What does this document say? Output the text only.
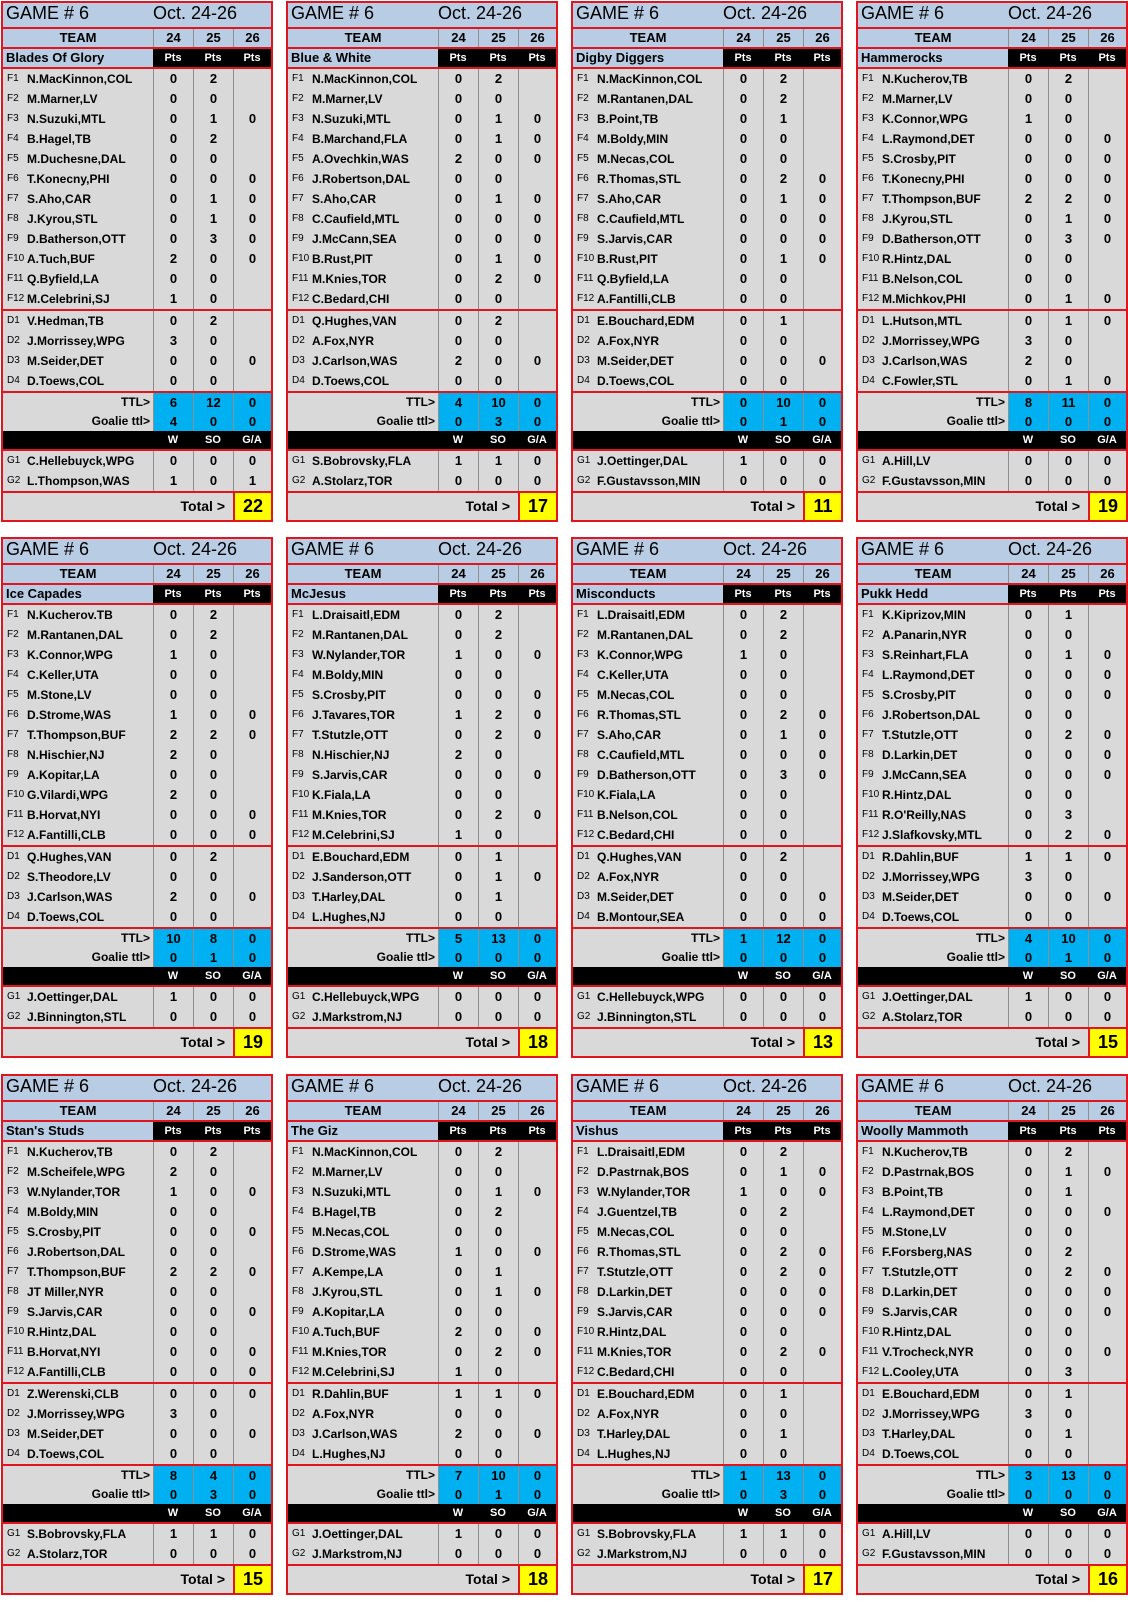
GAME # 6	Oct. 24-26
TEAM	24	25	26
Blades Of Glory	Pts	Pts	Pts
F1 N.MacKinnon,COL	0	2
F2 M.Marner,LV	0	0
F3 N.Suzuki,MTL	0	1	0
F4 B.Hagel,TB	0	2
F5 M.Duchesne,DAL	0	0
F6 T.Konecny,PHI	0	0	0
F7 S.Aho,CAR	0	1	0
F8 J.Kyrou,STL	0	1	0
F9 D.Batherson,OTT	0	3	0
F10 A.Tuch,BUF	2	0	0
F11 Q.Byfield,LA	0	0
F12 M.Celebrini,SJ	1	0
D1 V.Hedman,TB	0	2
D2 J.Morrissey,WPG	3	0
D3 M.Seider,DET	0	0	0
D4 D.Toews,COL	0	0
TTL>	6	12	0
Goalie ttl>	4	0	0
W	SO	G/A
G1 C.Hellebuyck,WPG	0	0	0
G2 L.Thompson,WAS	1	0	1
Total > 22
GAME # 6	Oct. 24-26
TEAM	24	25	26
Blue & White	Pts	Pts	Pts
F1 N.MacKinnon,COL	0	2
F2 M.Marner,LV	0	0
F3 N.Suzuki,MTL	0	1	0
F4 B.Marchand,FLA	0	1	0
F5 A.Ovechkin,WAS	2	0	0
F6 J.Robertson,DAL	0	0
F7 S.Aho,CAR	0	1	0
F8 C.Caufield,MTL	0	0	0
F9 J.McCann,SEA	0	0	0
F10 B.Rust,PIT	0	1	0
F11 M.Knies,TOR	0	2	0
F12 C.Bedard,CHI	0	0
D1 Q.Hughes,VAN	0	2
D2 A.Fox,NYR	0	0
D3 J.Carlson,WAS	2	0	0
D4 D.Toews,COL	0	0
TTL>	4	10	0
Goalie ttl>	0	3	0
W	SO	G/A
G1 S.Bobrovsky,FLA	1	1	0
G2 A.Stolarz,TOR	0	0	0
Total > 17
GAME # 6	Oct. 24-26
TEAM	24	25	26
Digby Diggers	Pts	Pts	Pts
F1 N.MacKinnon,COL	0	2
F2 M.Rantanen,DAL	0	2
F3 B.Point,TB	0	1
F4 M.Boldy,MIN	0	0
F5 M.Necas,COL	0	0
F6 R.Thomas,STL	0	2	0
F7 S.Aho,CAR	0	1	0
F8 C.Caufield,MTL	0	0	0
F9 S.Jarvis,CAR	0	0	0
F10 B.Rust,PIT	0	1	0
F11 Q.Byfield,LA	0	0
F12 A.Fantilli,CLB	0	0
D1 E.Bouchard,EDM	0	1
D2 A.Fox,NYR	0	0
D3 M.Seider,DET	0	0	0
D4 D.Toews,COL	0	0
TTL>	0	10	0
Goalie ttl>	0	1	0
W	SO	G/A
G1 J.Oettinger,DAL	1	0	0
G2 F.Gustavsson,MIN	0	0	0
Total >	11
GAME # 6	Oct. 24-26
TEAM	24	25	26
Hammerocks	Pts	Pts	Pts
F1 N.Kucherov,TB	0	2
F2 M.Marner,LV	0	0
F3 K.Connor,WPG	1	0
F4 L.Raymond,DET	0	0	0
F5 S.Crosby,PIT	0	0	0
F6 T.Konecny,PHI	0	0	0
F7 T.Thompson,BUF	2	2	0
F8 J.Kyrou,STL	0	1	0
F9 D.Batherson,OTT	0	3	0
F10 R.Hintz,DAL	0	0
F11 B.Nelson,COL	0	0
F12 M.Michkov,PHI	0	1	0
D1 L.Hutson,MTL	0	1	0
D2 J.Morrissey,WPG	3	0
D3 J.Carlson,WAS	2	0
D4 C.Fowler,STL	0	1	0
TTL>	8	11	0
Goalie ttl>	0	0	0
W	SO	G/A
G1 A.Hill,LV	0	0	0
G2 F.Gustavsson,MIN	0	0	0
Total > 19
GAME # 6	Oct. 24-26
TEAM	24	25	26
Ice Capades	Pts	Pts	Pts
F1 N.Kucherov.TB	0	2
F2 M.Rantanen,DAL	0	2
F3 K.Connor,WPG	1	0
F4 C.Keller,UTA	0	0
F5 M.Stone,LV	0	0
F6 D.Strome,WAS	1	0	0
F7 T.Thompson,BUF	2	2	0
F8 N.Hischier,NJ	2	0
F9 A.Kopitar,LA	0	0
F10 G.Vilardi,WPG	2	0
F11 B.Horvat,NYI	0	0	0
F12 A.Fantilli,CLB	0	0	0
D1 Q.Hughes,VAN	0	2
D2 S.Theodore,LV	0	0
D3 J.Carlson,WAS	2	0	0
D4 D.Toews,COL	0	0
TTL>	10	8	0
Goalie ttl>	0	1	0
W	SO	G/A
G1 J.Oettinger,DAL	1	0	0
G2 J.Binnington,STL	0	0	0
Total > 19
GAME # 6	Oct. 24-26
TEAM	24	25	26
McJesus	Pts	Pts	Pts
F1 L.Draisaitl,EDM	0	2
F2 M.Rantanen,DAL	0	2
F3 W.Nylander,TOR	1	0	0
F4 M.Boldy,MIN	0	0
F5 S.Crosby,PIT	0	0	0
F6 J.Tavares,TOR	1	2	0
F7 T.Stutzle,OTT	0	2	0
F8 N.Hischier,NJ	2	0
F9 S.Jarvis,CAR	0	0	0
F10 K.Fiala,LA	0	0
F11 M.Knies,TOR	0	2	0
F12 M.Celebrini,SJ	1	0
D1 E.Bouchard,EDM	0	1
D2 J.Sanderson,OTT	0	1	0
D3 T.Harley,DAL	0	1
D4 L.Hughes,NJ	0	0
TTL>	5	13	0
Goalie ttl>	0	0	0
W	SO	G/A
G1 C.Hellebuyck,WPG	0	0	0
G2 J.Markstrom,NJ	0	0	0
Total > 18
GAME # 6	Oct. 24-26
TEAM	24	25	26
Misconducts	Pts	Pts	Pts
F1 L.Draisaitl,EDM	0	2
F2 M.Rantanen,DAL	0	2
F3 K.Connor,WPG	1	0
F4 C.Keller,UTA	0	0
F5 M.Necas,COL	0	0
F6 R.Thomas,STL	0	2	0
F7 S.Aho,CAR	0	1	0
F8 C.Caufield,MTL	0	0	0
F9 D.Batherson,OTT	0	3	0
F10 K.Fiala,LA	0	0
F11 B.Nelson,COL	0	0
F12 C.Bedard,CHI	0	0
D1 Q.Hughes,VAN	0	2
D2 A.Fox,NYR	0	0
D3 M.Seider,DET	0	0	0
D4 B.Montour,SEA	0	0	0
TTL>	1	12	0
Goalie ttl>	0	0	0
W	SO	G/A
G1 C.Hellebuyck,WPG	0	0	0
G2 J.Binnington,STL	0	0	0
Total > 13
GAME # 6	Oct. 24-26
TEAM	24	25	26
Pukk Hedd	Pts	Pts	Pts
F1 K.Kiprizov,MIN	0	1
F2 A.Panarin,NYR	0	0
F3 S.Reinhart,FLA	0	1	0
F4 L.Raymond,DET	0	0	0
F5 S.Crosby,PIT	0	0	0
F6 J.Robertson,DAL	0	0
F7 T.Stutzle,OTT	0	2	0
F8 D.Larkin,DET	0	0	0
F9 J.McCann,SEA	0	0	0
F10 R.Hintz,DAL	0	0
F11 R.O'Reilly,NAS	0	3
F12 J.Slafkovsky,MTL	0	2	0
D1 R.Dahlin,BUF	1	1	0
D2 J.Morrissey,WPG	3	0
D3 M.Seider,DET	0	0	0
D4 D.Toews,COL	0	0
TTL>	4	10	0
Goalie ttl>	0	1	0
W	SO	G/A
G1 J.Oettinger,DAL	1	0	0
G2 A.Stolarz,TOR	0	0	0
Total > 15
GAME # 6	Oct. 24-26
TEAM	24	25	26
Stan's Studs	Pts	Pts	Pts
F1 N.Kucherov,TB	0	2
F2 M.Scheifele,WPG	2	0
F3 W.Nylander,TOR	1	0	0
F4 M.Boldy,MIN	0	0
F5 S.Crosby,PIT	0	0	0
F6 J.Robertson,DAL	0	0
F7 T.Thompson,BUF	2	2	0
F8 JT Miller,NYR	0	0
F9 S.Jarvis,CAR	0	0	0
F10 R.Hintz,DAL	0	0
F11 B.Horvat,NYI	0	0	0
F12 A.Fantilli,CLB	0	0	0
D1 Z.Werenski,CLB	0	0	0
D2 J.Morrissey,WPG	3	0
D3 M.Seider,DET	0	0	0
D4 D.Toews,COL	0	0
TTL>	8	4	0
Goalie ttl>	0	3	0
W	SO	G/A
G1 S.Bobrovsky,FLA	1	1	0
G2 A.Stolarz,TOR	0	0	0
Total > 15
GAME # 6	Oct. 24-26
TEAM	24	25	26
The Giz	Pts	Pts	Pts
F1 N.MacKinnon,COL	0	2
F2 M.Marner,LV	0	0
F3 N.Suzuki,MTL	0	1	0
F4 B.Hagel,TB	0	2
F5 M.Necas,COL	0	0
F6 D.Strome,WAS	1	0	0
F7 A.Kempe,LA	0	1
F8 J.Kyrou,STL	0	1	0
F9 A.Kopitar,LA	0	0
F10 A.Tuch,BUF	2	0	0
F11 M.Knies,TOR	0	2	0
F12 M.Celebrini,SJ	1	0
D1 R.Dahlin,BUF	1	1	0
D2 A.Fox,NYR	0	0
D3 J.Carlson,WAS	2	0	0
D4 L.Hughes,NJ	0	0
TTL>	7	10	0
Goalie ttl>	0	1	0
W	SO	G/A
G1 J.Oettinger,DAL	1	0	0
G2 J.Markstrom,NJ	0	0	0
Total > 18
GAME # 6	Oct. 24-26
TEAM	24	25	26
Vishus	Pts	Pts	Pts
F1 L.Draisaitl,EDM	0	2
F2 D.Pastrnak,BOS	0	1	0
F3 W.Nylander,TOR	1	0	0
F4 J.Guentzel,TB	0	2
F5 M.Necas,COL	0	0
F6 R.Thomas,STL	0	2	0
F7 T.Stutzle,OTT	0	2	0
F8 D.Larkin,DET	0	0	0
F9 S.Jarvis,CAR	0	0	0
F10 R.Hintz,DAL	0	0
F11 M.Knies,TOR	0	2	0
F12 C.Bedard,CHI	0	0
D1 E.Bouchard,EDM	0	1
D2 A.Fox,NYR	0	0
D3 T.Harley,DAL	0	1
D4 L.Hughes,NJ	0	0
TTL>	1	13	0
Goalie ttl>	0	3	0
W	SO	G/A
G1 S.Bobrovsky,FLA	1	1	0
G2 J.Markstrom,NJ	0	0	0
Total > 17
GAME # 6	Oct. 24-26
TEAM	24	25	26
Woolly Mammoth	Pts	Pts	Pts
F1 N.Kucherov,TB	0	2
F2 D.Pastrnak,BOS	0	1	0
F3 B.Point,TB	0	1
F4 L.Raymond,DET	0	0	0
F5 M.Stone,LV	0	0
F6 F.Forsberg,NAS	0	2
F7 T.Stutzle,OTT	0	2	0
F8 D.Larkin,DET	0	0	0
F9 S.Jarvis,CAR	0	0	0
F10 R.Hintz,DAL	0	0
F11 V.Trocheck,NYR	0	0	0
F12 L.Cooley,UTA	0	3
D1 E.Bouchard,EDM	0	1
D2 J.Morrissey,WPG	3	0
D3 T.Harley,DAL	0	1
D4 D.Toews,COL	0	0
TTL>	3	13	0
Goalie ttl>	0	0	0
W	SO	G/A
G1 A.Hill,LV	0	0	0
G2 F.Gustavsson,MIN	0	0	0
Total > 16
